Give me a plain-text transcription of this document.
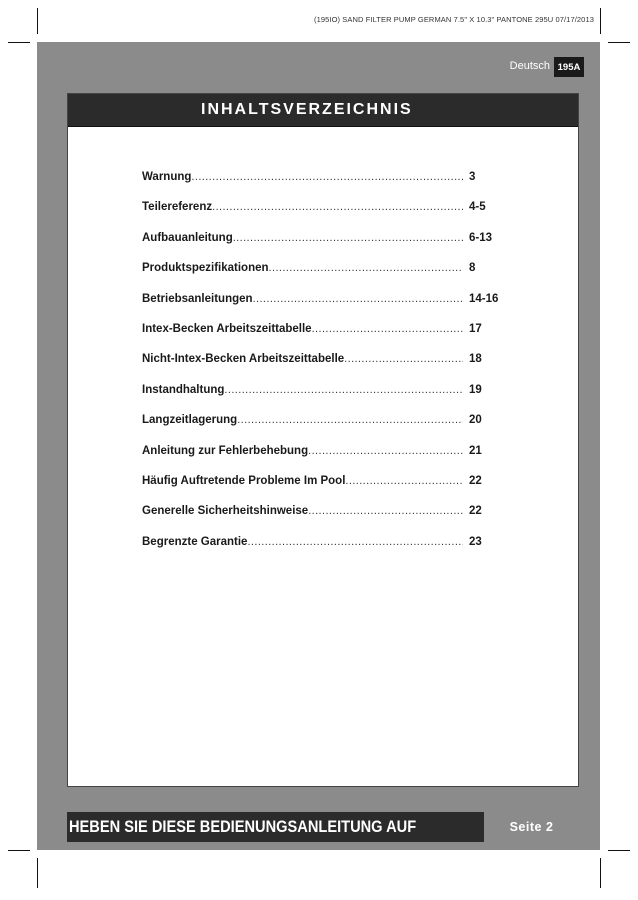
(195IO) SAND FILTER PUMP GERMAN 7.5" X 10.3" PANTONE 295U 07/17/2013
Deutsch 195A
INHALTSVERZEICHNIS
Warnung .....	3
Teilereferenz .....	4-5
Aufbauanleitung .....	6-13
Produktspezifikationen .....	8
Betriebsanleitungen .....	14-16
Intex-Becken Arbeitszeittabelle .....	17
Nicht-Intex-Becken Arbeitszeittabelle .....	18
Instandhaltung .....	19
Langzeitlagerung .....	20
Anleitung zur Fehlerbehebung .....	21
Häufig Auftretende Probleme Im Pool .....	22
Generelle Sicherheitshinweise .....	22
Begrenzte Garantie .....	23
HEBEN SIE DIESE BEDIENUNGSANLEITUNG AUF	Seite 2
